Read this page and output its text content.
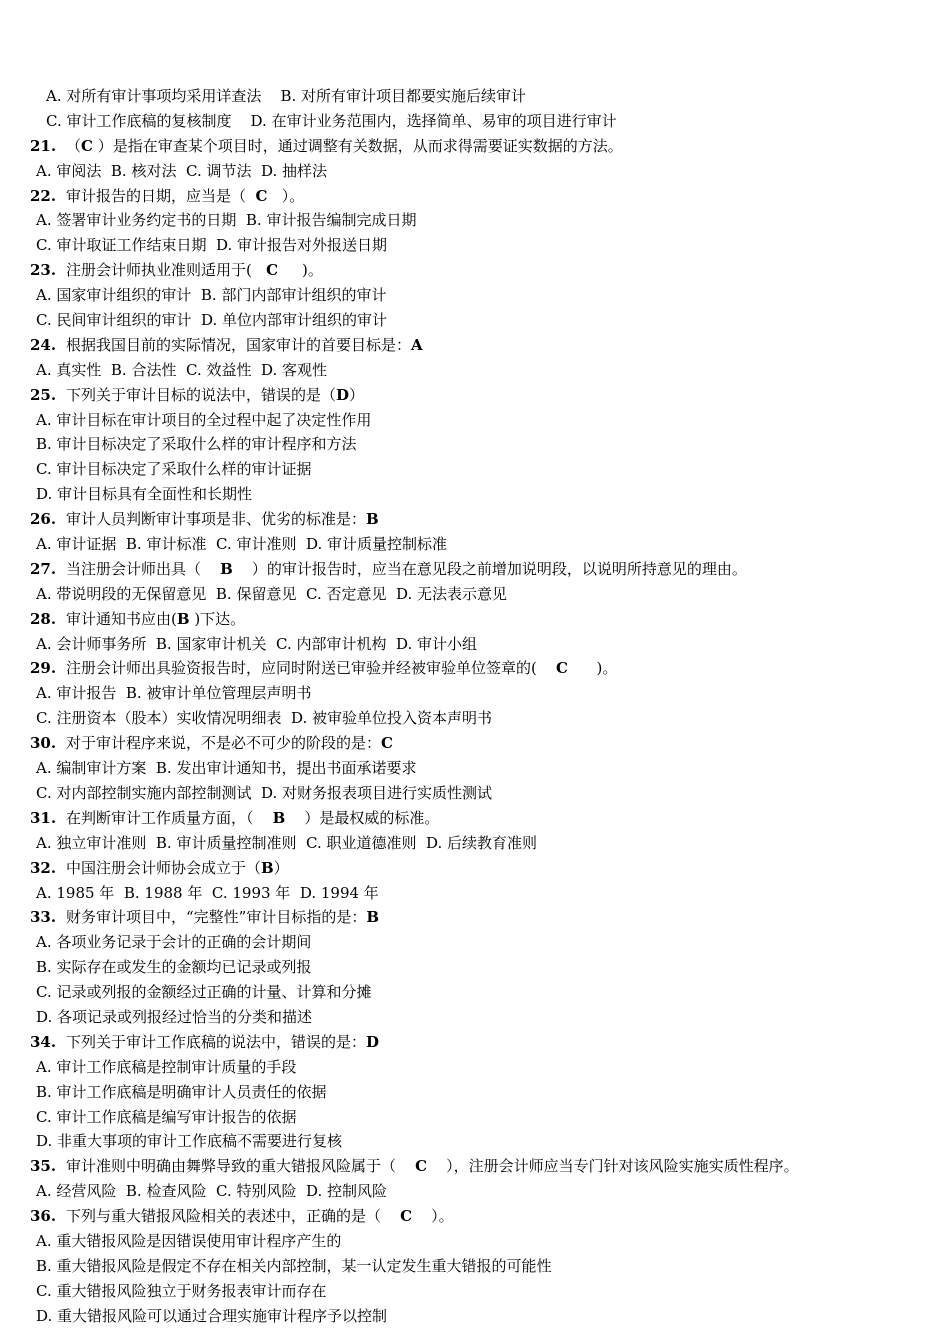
A. 对所有审计事项均采用详查法    B. 对所有审计项目都要实施后续审计
C. 审计工作底稿的复核制度    D. 在审计业务范围内，选择简单、易审的项目进行审计
21. （C ）是指在审查某个项目时，通过调整有关数据，从而求得需要证实数据的方法。
A. 审阅法  B. 核对法  C. 调节法  D. 抽样法
22. 审计报告的日期，应当是（  C   ）。
A. 签署审计业务约定书的日期  B. 审计报告编制完成日期
C. 审计取证工作结束日期  D. 审计报告对外报送日期
23. 注册会计师执业准则适用于(   C     )。
A. 国家审计组织的审计  B. 部门内部审计组织的审计
C. 民间审计组织的审计  D. 单位内部审计组织的审计
24. 根据我国目前的实际情况，国家审计的首要目标是：A
A. 真实性  B. 合法性  C. 效益性  D. 客观性
25. 下列关于审计目标的说法中，错误的是（D）
A. 审计目标在审计项目的全过程中起了决定性作用
B. 审计目标决定了采取什么样的审计程序和方法
C. 审计目标决定了采取什么样的审计证据
D. 审计目标具有全面性和长期性
26. 审计人员判断审计事项是非、优劣的标准是：B
A. 审计证据  B. 审计标准  C. 审计准则  D. 审计质量控制标准
27. 当注册会计师出具（    B    ）的审计报告时，应当在意见段之前增加说明段，以说明所持意见的理由。
A. 带说明段的无保留意见  B. 保留意见  C. 否定意见  D. 无法表示意见
28. 审计通知书应由(B )下达。
A. 会计师事务所  B. 国家审计机关  C. 内部审计机构  D. 审计小组
29. 注册会计师出具验资报告时，应同时附送已审验并经被审验单位签章的(    C      )。
A. 审计报告  B. 被审计单位管理层声明书
C. 注册资本（股本）实收情况明细表  D. 被审验单位投入资本声明书
30. 对于审计程序来说，不是必不可少的阶段的是：C
A. 编制审计方案  B. 发出审计通知书，提出书面承诺要求
C. 对内部控制实施内部控制测试  D. 对财务报表项目进行实质性测试
31. 在判断审计工作质量方面，（    B    ）是最权威的标准。
A. 独立审计准则  B. 审计质量控制准则  C. 职业道德准则  D. 后续教育准则
32. 中国注册会计师协会成立于（B）
A. 1985 年  B. 1988 年  C. 1993 年  D. 1994 年
33. 财务审计项目中，“完整性”审计目标指的是：B
A. 各项业务记录于会计的正确的会计期间
B. 实际存在或发生的金额均已记录或列报
C. 记录或列报的金额经过正确的计量、计算和分摊
D. 各项记录或列报经过恰当的分类和描述
34. 下列关于审计工作底稿的说法中，错误的是：D
A. 审计工作底稿是控制审计质量的手段
B. 审计工作底稿是明确审计人员责任的依据
C. 审计工作底稿是编写审计报告的依据
D. 非重大事项的审计工作底稿不需要进行复核
35. 审计准则中明确由舞弊导致的重大错报风险属于（    C    ），注册会计师应当专门针对该风险实施实质性程序。
A. 经营风险  B. 检查风险  C. 特别风险  D. 控制风险
36. 下列与重大错报风险相关的表述中，正确的是（    C    ）。
A. 重大错报风险是因错误使用审计程序产生的
B. 重大错报风险是假定不存在相关内部控制，某一认定发生重大错报的可能性
C. 重大错报风险独立于财务报表审计而存在
D. 重大错报风险可以通过合理实施审计程序予以控制
